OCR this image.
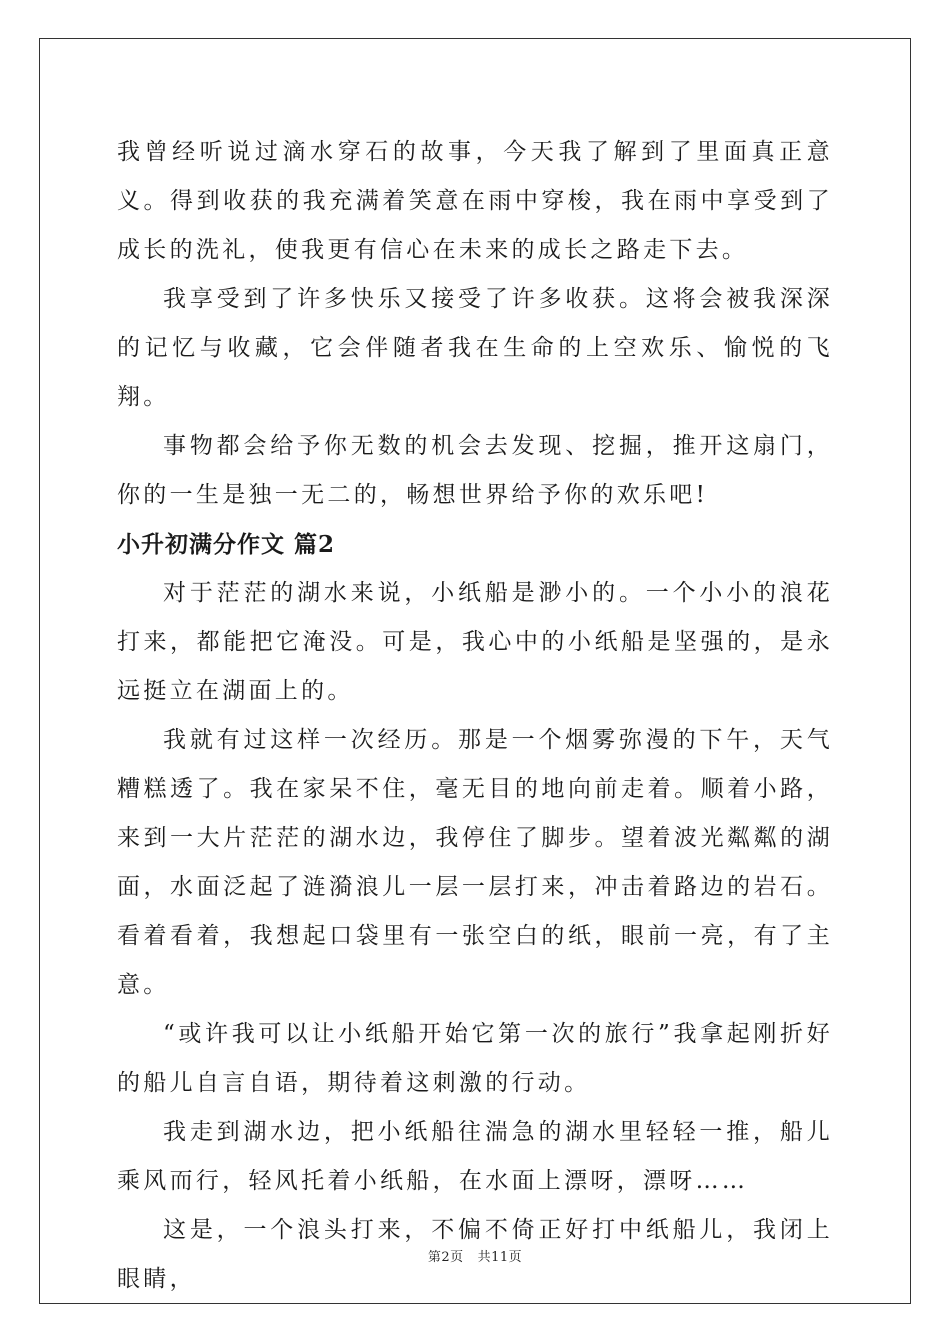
我曾经听说过滴水穿石的故事，今天我了解到了里面真正意义。得到收获的我充满着笑意在雨中穿梭，我在雨中享受到了成长的洗礼，使我更有信心在未来的成长之路走下去。

我享受到了许多快乐又接受了许多收获。这将会被我深深的记忆与收藏，它会伴随者我在生命的上空欢乐、愉悦的飞翔。

事物都会给予你无数的机会去发现、挖掘，推开这扇门，你的一生是独一无二的，畅想世界给予你的欢乐吧!

小升初满分作文 篇2

对于茫茫的湖水来说，小纸船是渺小的。一个小小的浪花打来，都能把它淹没。可是，我心中的小纸船是坚强的，是永远挺立在湖面上的。

我就有过这样一次经历。那是一个烟雾弥漫的下午，天气糟糕透了。我在家呆不住，毫无目的地向前走着。顺着小路，来到一大片茫茫的湖水边，我停住了脚步。望着波光粼粼的湖面，水面泛起了涟漪浪儿一层一层打来，冲击着路边的岩石。看着看着，我想起口袋里有一张空白的纸，眼前一亮，有了主意。

“或许我可以让小纸船开始它第一次的旅行”我拿起刚折好的船儿自言自语，期待着这刺激的行动。

我走到湖水边，把小纸船往湍急的湖水里轻轻一推，船儿乘风而行，轻风托着小纸船，在水面上漂呀，漂呀……

这是，一个浪头打来，不偏不倚正好打中纸船儿，我闭上眼睛，

第2页 共11页
